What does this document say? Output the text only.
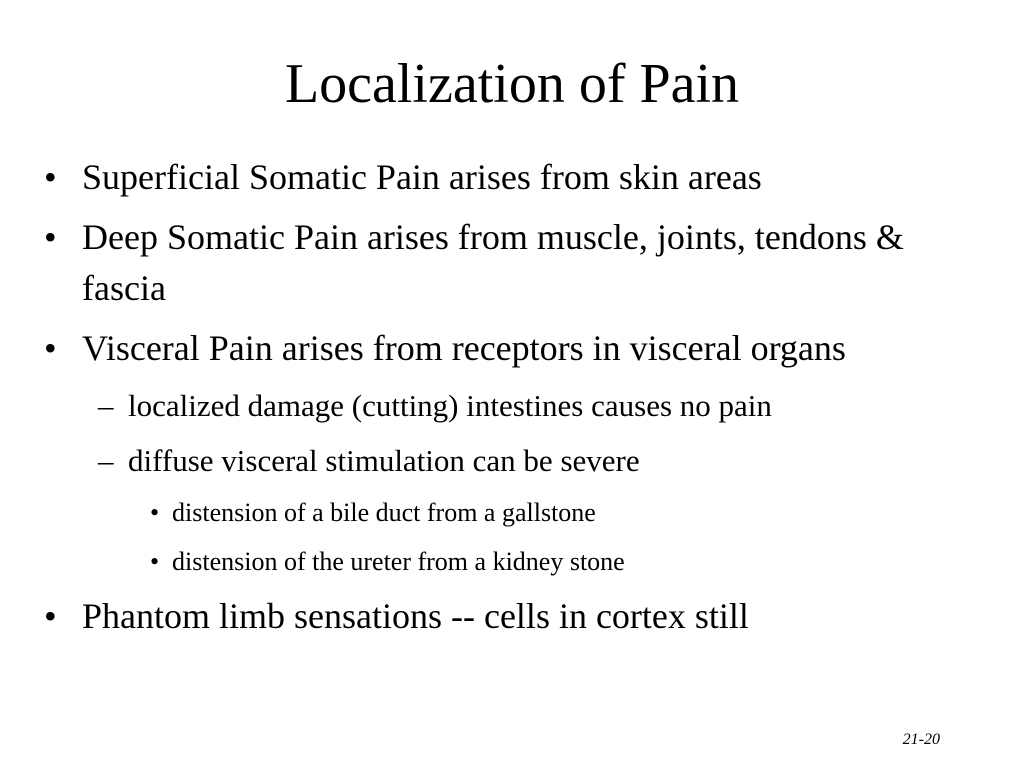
Localization of Pain
• Superficial Somatic Pain arises from skin areas
• Deep Somatic Pain arises from muscle, joints, tendons & fascia
• Visceral Pain arises from receptors in visceral organs
– localized damage (cutting) intestines causes no pain
– diffuse visceral stimulation can be severe
• distension of a bile duct from a gallstone
• distension of the ureter from a kidney stone
• Phantom limb sensations -- cells in cortex still
21-20
